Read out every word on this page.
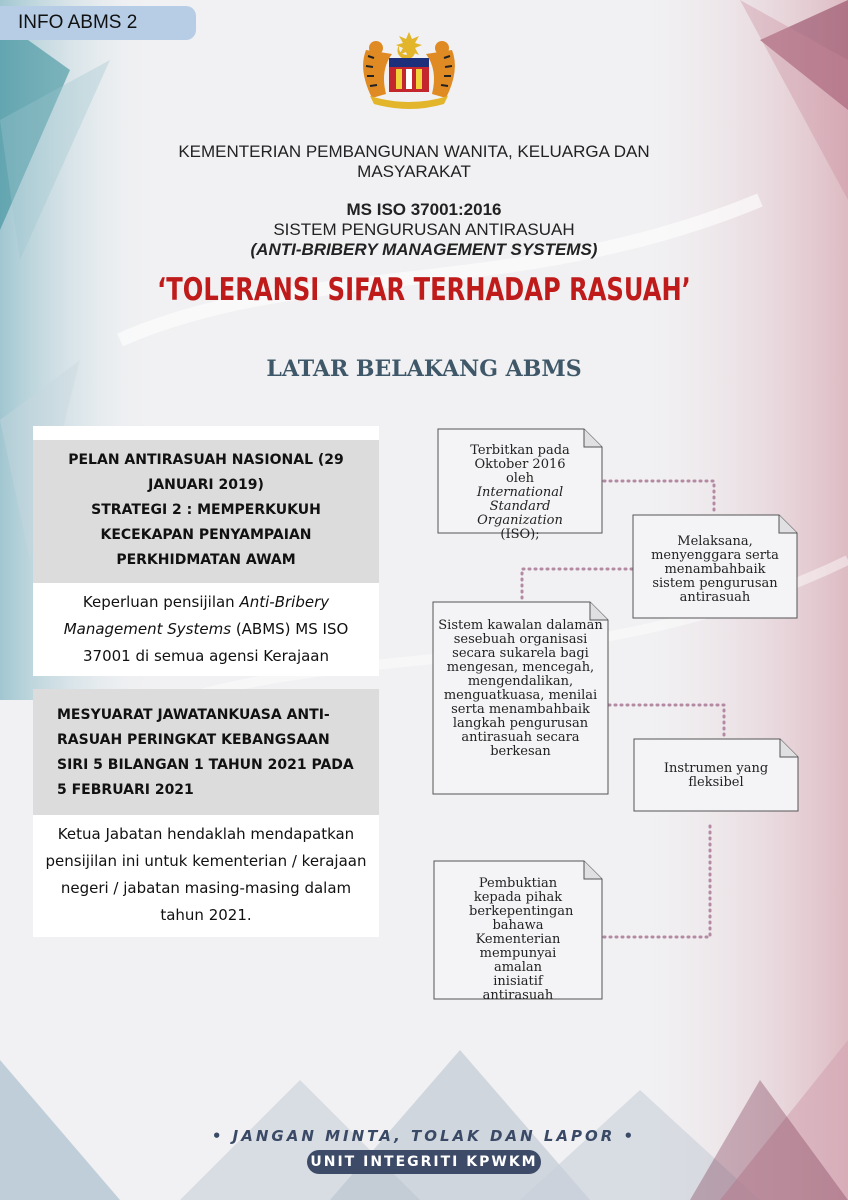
INFO ABMS 2
KEMENTERIAN PEMBANGUNAN WANITA, KELUARGA DAN MASYARAKAT
MS ISO 37001:2016
SISTEM PENGURUSAN ANTIRASUAH
(ANTI-BRIBERY MANAGEMENT SYSTEMS)
‘TOLERANSI SIFAR TERHADAP RASUAH’
LATAR BELAKANG ABMS
PELAN ANTIRASUAH NASIONAL (29 JANUARI 2019)
STRATEGI 2 : MEMPERKUKUH KECEKAPAN PENYAMPAIAN PERKHIDMATAN AWAM
Keperluan pensijilan Anti-Bribery Management Systems (ABMS) MS ISO 37001 di semua agensi Kerajaan
MESYUARAT JAWATANKUASA ANTI-RASUAH PERINGKAT KEBANGSAAN SIRI 5 BILANGAN 1 TAHUN 2021 PADA 5 FEBRUARI 2021
Ketua Jabatan hendaklah mendapatkan pensijilan ini untuk kementerian / kerajaan negeri / jabatan masing-masing dalam tahun 2021.
Terbitkan pada Oktober 2016 oleh
International Standard Organization
(ISO);	Melaksana, menyenggara serta menambahbaik sistem pengurusan antirasuah
Sistem kawalan dalaman sesebuah organisasi secara sukarela bagi mengesan, mencegah, mengendalikan, menguatkuasa, menilai serta menambahbaik langkah pengurusan antirasuah secara berkesan
Instrumen yang fleksibel
Pembuktian kepada pihak berkepentingan bahawa Kementerian mempunyai amalan inisiatif antirasuah
• JANGAN MINTA, TOLAK DAN LAPOR •
UNIT INTEGRITI KPWKM
